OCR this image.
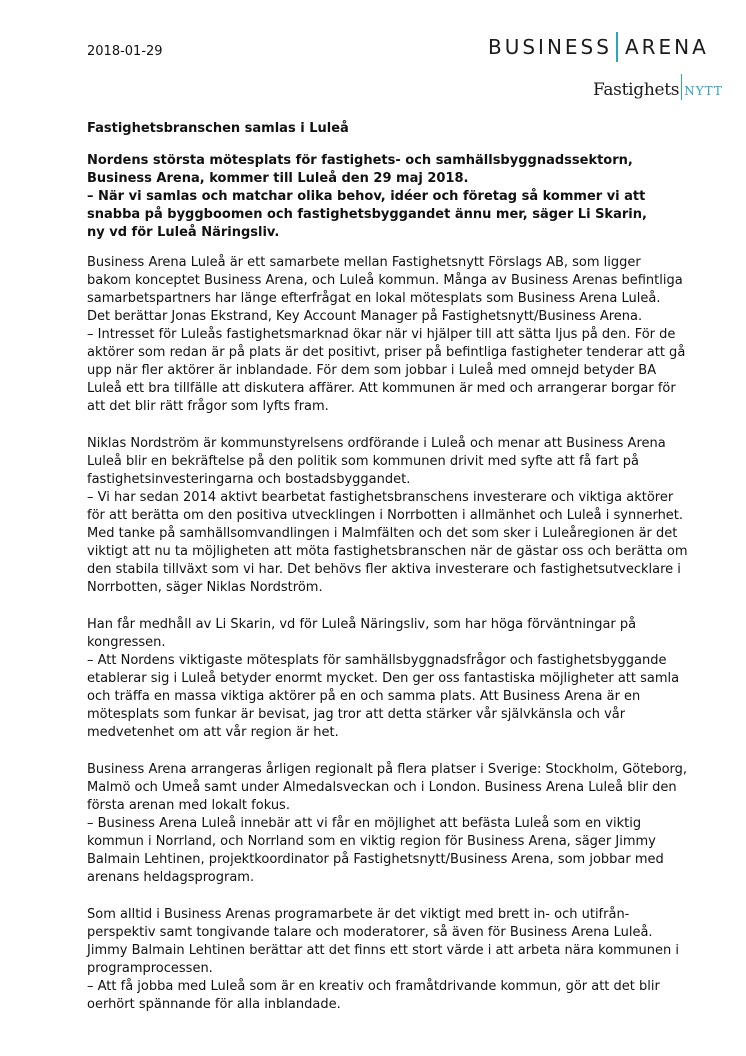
2018-01-29	BUSINESS ARENA
Fastighets NYTT
Fastighetsbranschen samlas i Luleå

Nordens största mötesplats för fastighets- och samhällsbyggnadssektorn, Business Arena, kommer till Luleå den 29 maj 2018.

– När vi samlas och matchar olika behov, idéer och företag så kommer vi att snabba på byggboomen och fastighetsbyggandet ännu mer, säger Li Skarin, ny vd för Luleå Näringsliv.

Business Arena Luleå är ett samarbete mellan Fastighetsnytt Förslags AB, som ligger
bakom konceptet Business Arena, och Luleå kommun. Många av Business Arenas befintliga
samarbetspartners har länge efterfrågat en lokal mötesplats som Business Arena Luleå.
Det berättar Jonas Ekstrand, Key Account Manager på Fastighetsnytt/Business Arena.
– Intresset för Luleås fastighetsmarknad ökar när vi hjälper till att sätta ljus på den. För de
aktörer som redan är på plats är det positivt, priser på befintliga fastigheter tenderar att gå
upp när fler aktörer är inblandade. För dem som jobbar i Luleå med omnejd betyder BA
Luleå ett bra tillfälle att diskutera affärer. Att kommunen är med och arrangerar borgar för
att det blir rätt frågor som lyfts fram.
Niklas Nordström är kommunstyrelsens ordförande i Luleå och menar att Business Arena
Luleå blir en bekräftelse på den politik som kommunen drivit med syfte att få fart på
fastighetsinvesteringarna och bostadsbyggandet.
– Vi har sedan 2014 aktivt bearbetat fastighetsbranschens investerare och viktiga aktörer
för att berätta om den positiva utvecklingen i Norrbotten i allmänhet och Luleå i synnerhet.
Med tanke på samhällsomvandlingen i Malmfälten och det som sker i Luleåregionen är det
viktigt att nu ta möjligheten att möta fastighetsbranschen när de gästar oss och berätta om
den stabila tillväxt som vi har. Det behövs fler aktiva investerare och fastighetsutvecklare i
Norrbotten, säger Niklas Nordström.
Han får medhåll av Li Skarin, vd för Luleå Näringsliv, som har höga förväntningar på
kongressen.
– Att Nordens viktigaste mötesplats för samhällsbyggnadsfrågor och fastighetsbyggande
etablerar sig i Luleå betyder enormt mycket. Den ger oss fantastiska möjligheter att samla
och träffa en massa viktiga aktörer på en och samma plats. Att Business Arena är en
mötesplats som funkar är bevisat, jag tror att detta stärker vår självkänsla och vår
medvetenhet om att vår region är het.
Business Arena arrangeras årligen regionalt på flera platser i Sverige: Stockholm, Göteborg,
Malmö och Umeå samt under Almedalsveckan och i London. Business Arena Luleå blir den
första arenan med lokalt fokus.
– Business Arena Luleå innebär att vi får en möjlighet att befästa Luleå som en viktig
kommun i Norrland, och Norrland som en viktig region för Business Arena, säger Jimmy
Balmain Lehtinen, projektkoordinator på Fastighetsnytt/Business Arena, som jobbar med
arenans heldagsprogram.
Som alltid i Business Arenas programarbete är det viktigt med brett in- och utifrån-
perspektiv samt tongivande talare och moderatorer, så även för Business Arena Luleå.
Jimmy Balmain Lehtinen berättar att det finns ett stort värde i att arbeta nära kommunen i
programprocessen.
– Att få jobba med Luleå som är en kreativ och framåtdrivande kommun, gör att det blir
oerhört spännande för alla inblandade.
